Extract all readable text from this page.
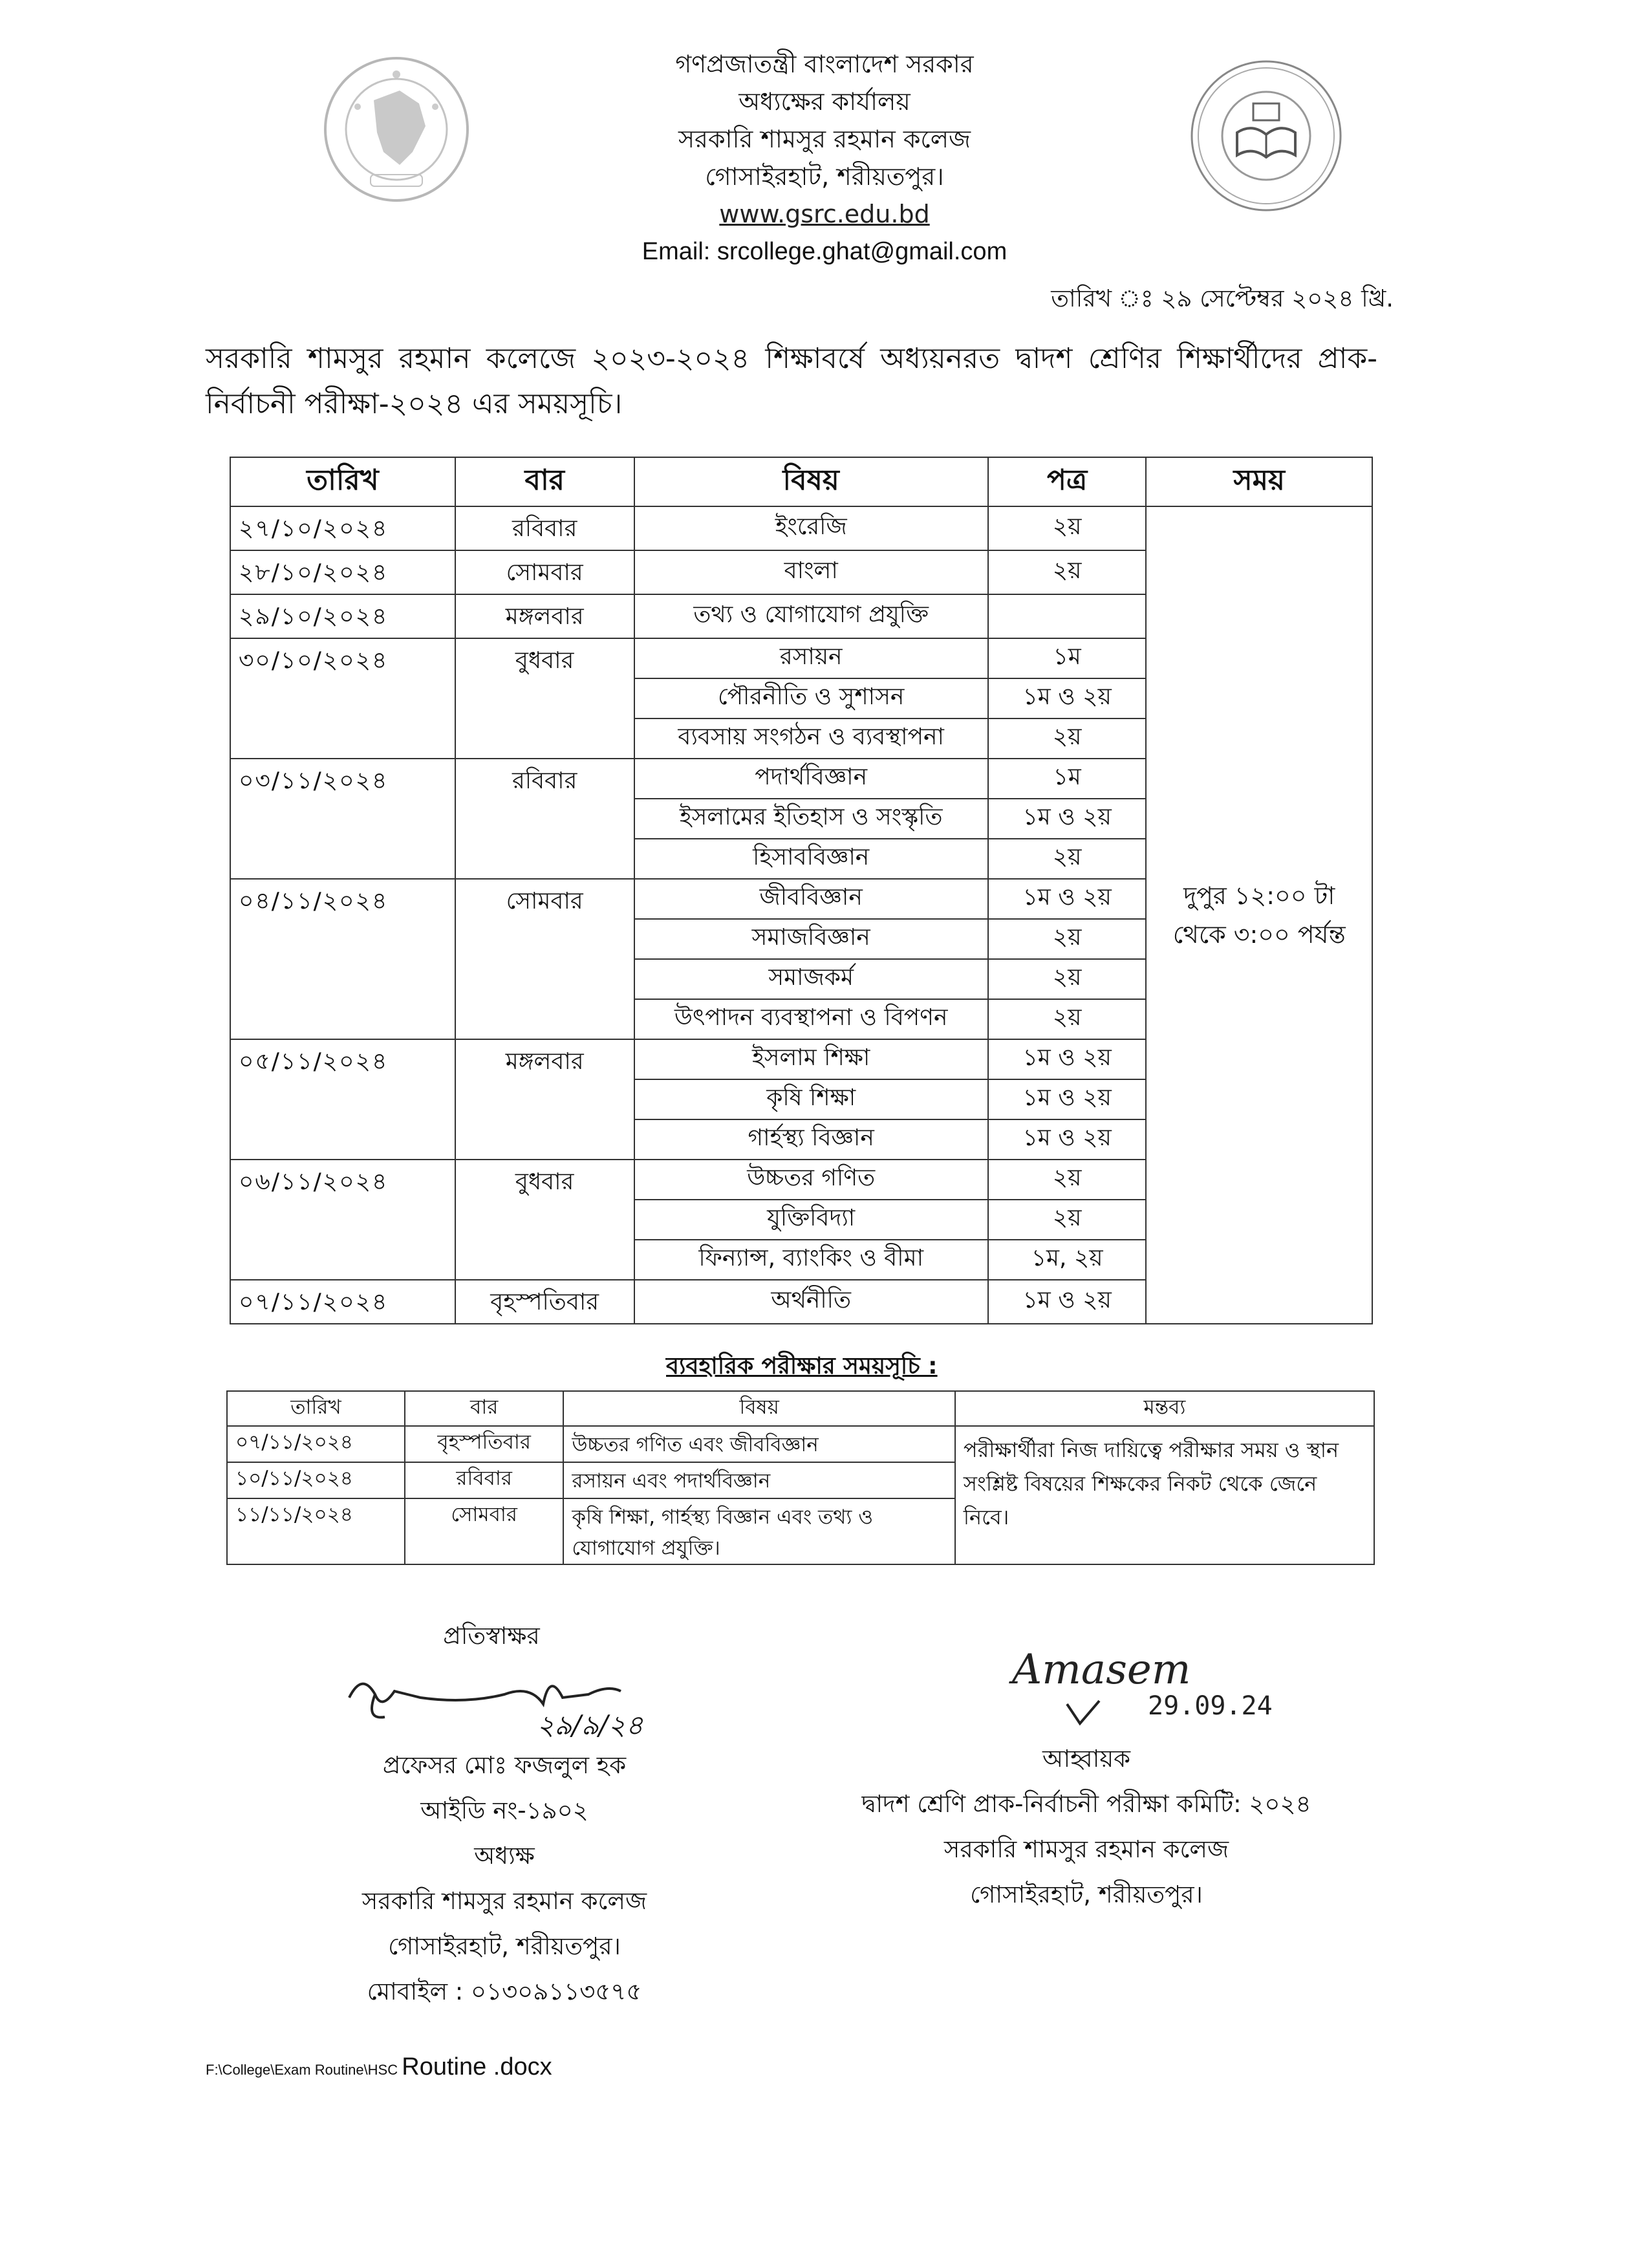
গণপ্রজাতন্ত্রী বাংলাদেশ সরকার
অধ্যক্ষের কার্যালয়
সরকারি শামসুর রহমান কলেজ
গোসাইরহাট, শরীয়তপুর।
www.gsrc.edu.bd
Email: srcollege.ghat@gmail.com
তারিখ ঃ ২৯ সেপ্টেম্বর ২০২৪ খ্রি.
সরকারি শামসুর রহমান কলেজে ২০২৩-২০২৪ শিক্ষাবর্ষে অধ্যয়নরত দ্বাদশ শ্রেণির শিক্ষার্থীদের প্রাক-নির্বাচনী পরীক্ষা-২০২৪ এর সময়সূচি।
তারিখ	বার	বিষয়	পত্র	সময়
২৭/১০/২০২৪	রবিবার	ইংরেজি	২য়	দুপুর ১২:০০ টা
থেকে ৩:০০ পর্যন্ত

২৮/১০/২০২৪	সোমবার	বাংলা	২য়	
২৯/১০/২০২৪	মঙ্গলবার	তথ্য ও যোগাযোগ প্রযুক্তি		
৩০/১০/২০২৪	বুধবার	রসায়ন	১ম	
		পৌরনীতি ও সুশাসন	১ম ও ২য়	
		ব্যবসায় সংগঠন ও ব্যবস্থাপনা	২য়	
০৩/১১/২০২৪	রবিবার	পদার্থবিজ্ঞান	১ম	
		ইসলামের ইতিহাস ও সংস্কৃতি	১ম ও ২য়	
		হিসাববিজ্ঞান	২য়	
০৪/১১/২০২৪	সোমবার	জীববিজ্ঞান	১ম ও ২য়	
		সমাজবিজ্ঞান	২য়	
		সমাজকর্ম	২য়	
		উৎপাদন ব্যবস্থাপনা ও বিপণন	২য়	
০৫/১১/২০২৪	মঙ্গলবার	ইসলাম শিক্ষা	১ম ও ২য়	
		কৃষি শিক্ষা	১ম ও ২য়	
		গার্হস্থ্য বিজ্ঞান	১ম ও ২য়	
০৬/১১/২০২৪	বুধবার	উচ্চতর গণিত	২য়	
		যুক্তিবিদ্যা	২য়	
		ফিন্যান্স, ব্যাংকিং ও বীমা	১ম, ২য়	
০৭/১১/২০২৪	বৃহস্পতিবার	অর্থনীতি	১ম ও ২য়	
ব্যবহারিক পরীক্ষার সময়সূচি :
তারিখ	বার	বিষয়	মন্তব্য
০৭/১১/২০২৪	বৃহস্পতিবার	উচ্চতর গণিত এবং জীববিজ্ঞান	পরীক্ষার্থীরা নিজ দায়িত্বে পরীক্ষার সময় ও স্থান সংশ্লিষ্ট বিষয়ের শিক্ষকের নিকট থেকে জেনে নিবে।
১০/১১/২০২৪	রবিবার	রসায়ন এবং পদার্থবিজ্ঞান	
১১/১১/২০২৪	সোমবার	কৃষি শিক্ষা, গার্হস্থ্য বিজ্ঞান এবং তথ্য ও যোগাযোগ প্রযুক্তি।	
প্রতিস্বাক্ষর
২৯/৯/২৪
প্রফেসর মোঃ ফজলুল হক
আইডি নং-১৯০২
অধ্যক্ষ
সরকারি শামসুর রহমান কলেজ
গোসাইরহাট, শরীয়তপুর।
মোবাইল : ০১৩০৯১১৩৫৭৫
Amasem
29.09.24
আহ্বায়ক
দ্বাদশ শ্রেণি প্রাক-নির্বাচনী পরীক্ষা কমিটি: ২০২৪
সরকারি শামসুর রহমান কলেজ
গোসাইরহাট, শরীয়তপুর।
F:\College\Exam Routine\HSC Routine .docx
